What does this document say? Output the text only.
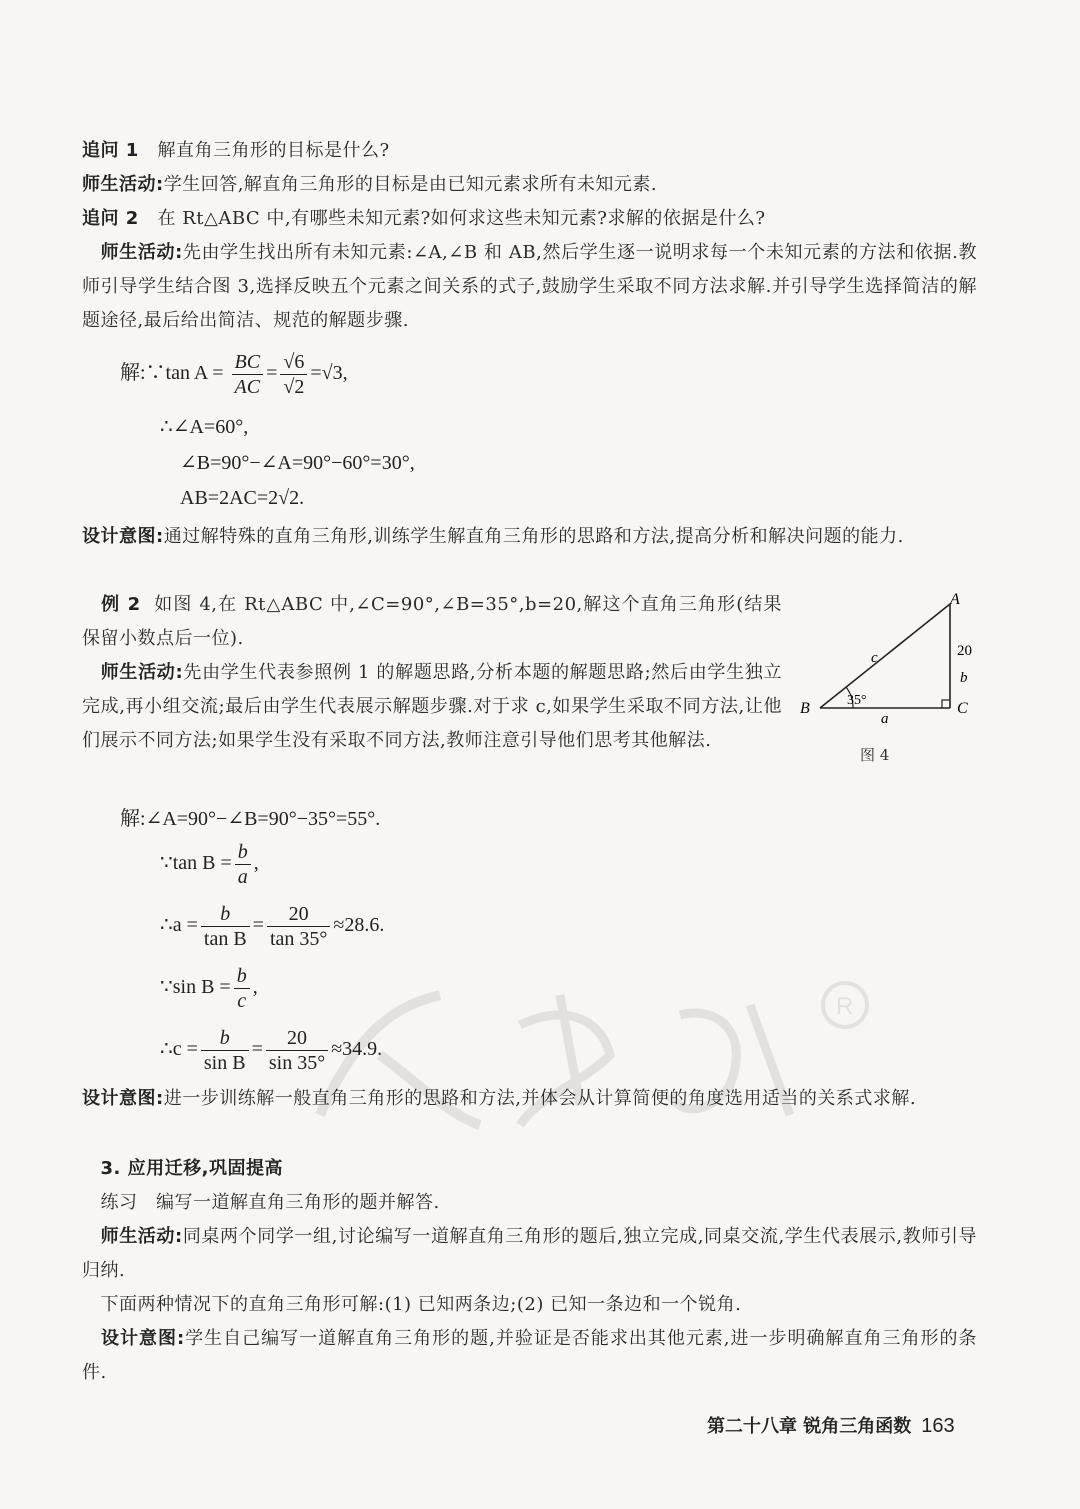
R
追问 1 解直角三角形的目标是什么?
师生活动:学生回答,解直角三角形的目标是由已知元素求所有未知元素.
追问 2 在 Rt△ABC 中,有哪些未知元素?如何求这些未知元素?求解的依据是什么?
 师生活动:先由学生找出所有未知元素:∠A,∠B 和 AB,然后学生逐一说明求每一个未知元素的方法和依据.教师引导学生结合图 3,选择反映五个元素之间关系的式子,鼓励学生采取不同方法求解.并引导学生选择简洁的解题途径,最后给出简洁、规范的解题步骤.
解:∵tan $A = \frac{BC}{AC} = \frac{√6}{√2} =√3$,
∴∠A=60°,
∠B=90°−∠A=90°−60°=30°,
AB=2AC=2√2.
设计意图:通过解特殊的直角三角形,训练学生解直角三角形的思路和方法,提高分析和解决问题的能力.
 例 2 如图 4,在 Rt△ABC 中,∠C=90°,∠B=35°,b=20,解这个直角三角形(结果保留小数点后一位).
 师生活动:先由学生代表参照例 1 的解题思路,分析本题的解题思路;然后由学生独立完成,再小组交流;最后由学生代表展示解题步骤.对于求 c,如果学生采取不同方法,让他们展示不同方法;如果学生没有采取不同方法,教师注意引导他们思考其他解法.
A
B	C
a
b
c	20
35°
图 4
解:∠A=90°−∠B=90°−35°=55°.
∵tan $B = \frac{b}{a}$ ,
∴a = $\frac{b}{\text{tan B}} = \frac{20}{\tan 35^\circ} \approx 28.6$.
∵sin $B = \frac{b}{c}$ ,
∴c = $\frac{b}{\text{sin B}} = \frac{20}{\sin 35^\circ} \approx 34.9$.
设计意图:进一步训练解一般直角三角形的思路和方法,并体会从计算简便的角度选用适当的关系式求解.
 3. 应用迁移,巩固提高
 练习  编写一道解直角三角形的题并解答.
 师生活动:同桌两个同学一组,讨论编写一道解直角三角形的题后,独立完成,同桌交流,学生代表展示,教师引导归纳.
 下面两种情况下的直角三角形可解:(1) 已知两条边;(2) 已知一条边和一个锐角.
 设计意图:学生自己编写一道解直角三角形的题,并验证是否能求出其他元素,进一步明确解直角三角形的条件.
第二十八章 锐角三角函数 163
